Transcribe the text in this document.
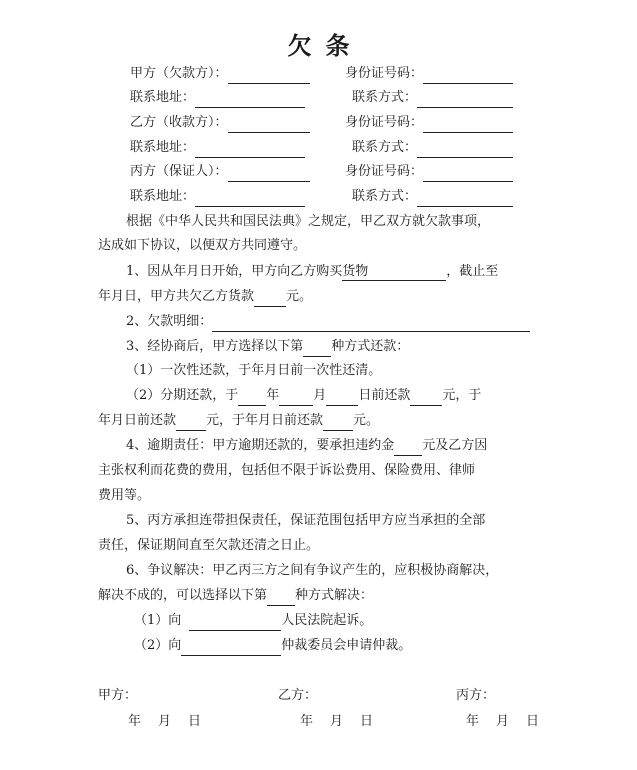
欠条
甲方（欠款方）：	身份证号码：
联系地址：	联系方式：
乙方（收款方）：	身份证号码：
联系地址：	联系方式：
丙方（保证人）：	身份证号码：
联系地址：	联系方式：
根据《中华人民共和国民法典》之规定，甲乙双方就欠款事项，
达成如下协议，以便双方共同遵守。
1、因从年月日开始，甲方向乙方购买货物	，截止至
年月日，甲方共欠乙方货款 元。
2、欠款明细：
3、经协商后，甲方选择以下第 种方式还款：
（1）一次性还款，于年月日前一次性还清。
（2）分期还款，于 年	月 日前还款 元，于
年月日前还款 元，于年月日前还款 元。
4、逾期责任：甲方逾期还款的，要承担违约金 元及乙方因
主张权利而花费的费用，包括但不限于诉讼费用、保险费用、律师
费用等。
5、丙方承担连带担保责任，保证范围包括甲方应当承担的全部
责任，保证期间直至欠款还清之日止。
6、争议解决：甲乙丙三方之间有争议产生的，应积极协商解决，
解决不成的，可以选择以下第 种方式解决：
（1）向	人民法院起诉。
（2）向	仲裁委员会申请仲裁。
甲方：	乙方：	丙方：
年　月　日	年　月　日	年　月　日
